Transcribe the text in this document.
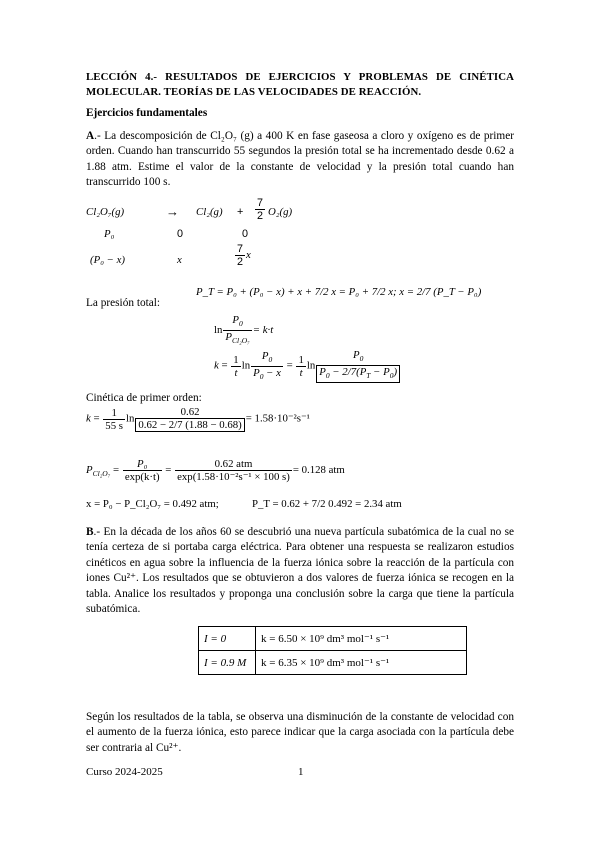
LECCIÓN 4.- RESULTADOS DE EJERCICIOS Y PROBLEMAS DE CINÉTICA MOLECULAR. TEORÍAS DE LAS VELOCIDADES DE REACCIÓN.
Ejercicios fundamentales
A.- La descomposición de Cl₂O₇ (g) a 400 K en fase gaseosa a cloro y oxígeno es de primer orden. Cuando han transcurrido 55 segundos la presión total se ha incrementado desde 0.62 a 1.88 atm. Estime el valor de la constante de velocidad y la presión total cuando han transcurrido 100 s.
Cl₂O₇(g)	→ $Cl_2(g) + \frac{7}{2} O_2(g)$
P₀	0	0
(P₀ − x)	x	$\frac{7}{2}$ x
La presión total:
P_T = P₀ + (P₀ − x) + x + 7/2 x = P₀ + 7/2 x; x = 2/7 (P_T − P₀)
$\ln \frac{P_0}{P_{Cl_2O_7}} = k\cdot t$
$k = \frac{1}{t}$ $\ln \frac{P_0}{P_0 - x} = \frac{1}{t}$ $\ln \frac{P_0}{P_0 - 2/7(P_T - P_0)}$
Cinética de primer orden:
$k = \frac{1}{55 s}$ $\ln \frac{0.62}{0.62 - 2/7 (1.88 - 0.68)} = 1.58\cdot 10^{-2}s^{-1}$
$P_{Cl_2O_7} = \frac{\text{P₀}}{\exp(k\cdot t)} = \frac{\text{0.62 atm}}{\text{exp(1.58·10⁻²s⁻¹ × 100 s)}} = 0.128$ atm
x = P₀ − P_Cl₂O₇ = 0.492 atm;	P_T = 0.62 + 7/2 0.492 = 2.34 atm
B.- En la década de los años 60 se descubrió una nueva partícula subatómica de la cual no se tenía certeza de si portaba carga eléctrica. Para obtener una respuesta se realizaron estudios cinéticos en agua sobre la influencia de la fuerza iónica sobre la reacción de la partícula con iones Cu²⁺. Los resultados que se obtuvieron a dos valores de fuerza iónica se recogen en la tabla. Analice los resultados y proponga una conclusión sobre la carga que tiene la partícula subatómica.
I = 0	k = 6.50 × 10⁹ dm³ mol⁻¹ s⁻¹
I = 0.9 M	k = 6.35 × 10⁹ dm³ mol⁻¹ s⁻¹
Según los resultados de la tabla, se observa una disminución de la constante de velocidad con el aumento de la fuerza iónica, esto parece indicar que la carga asociada con la partícula debe ser contraria al Cu²⁺.
Curso 2024-2025	1
